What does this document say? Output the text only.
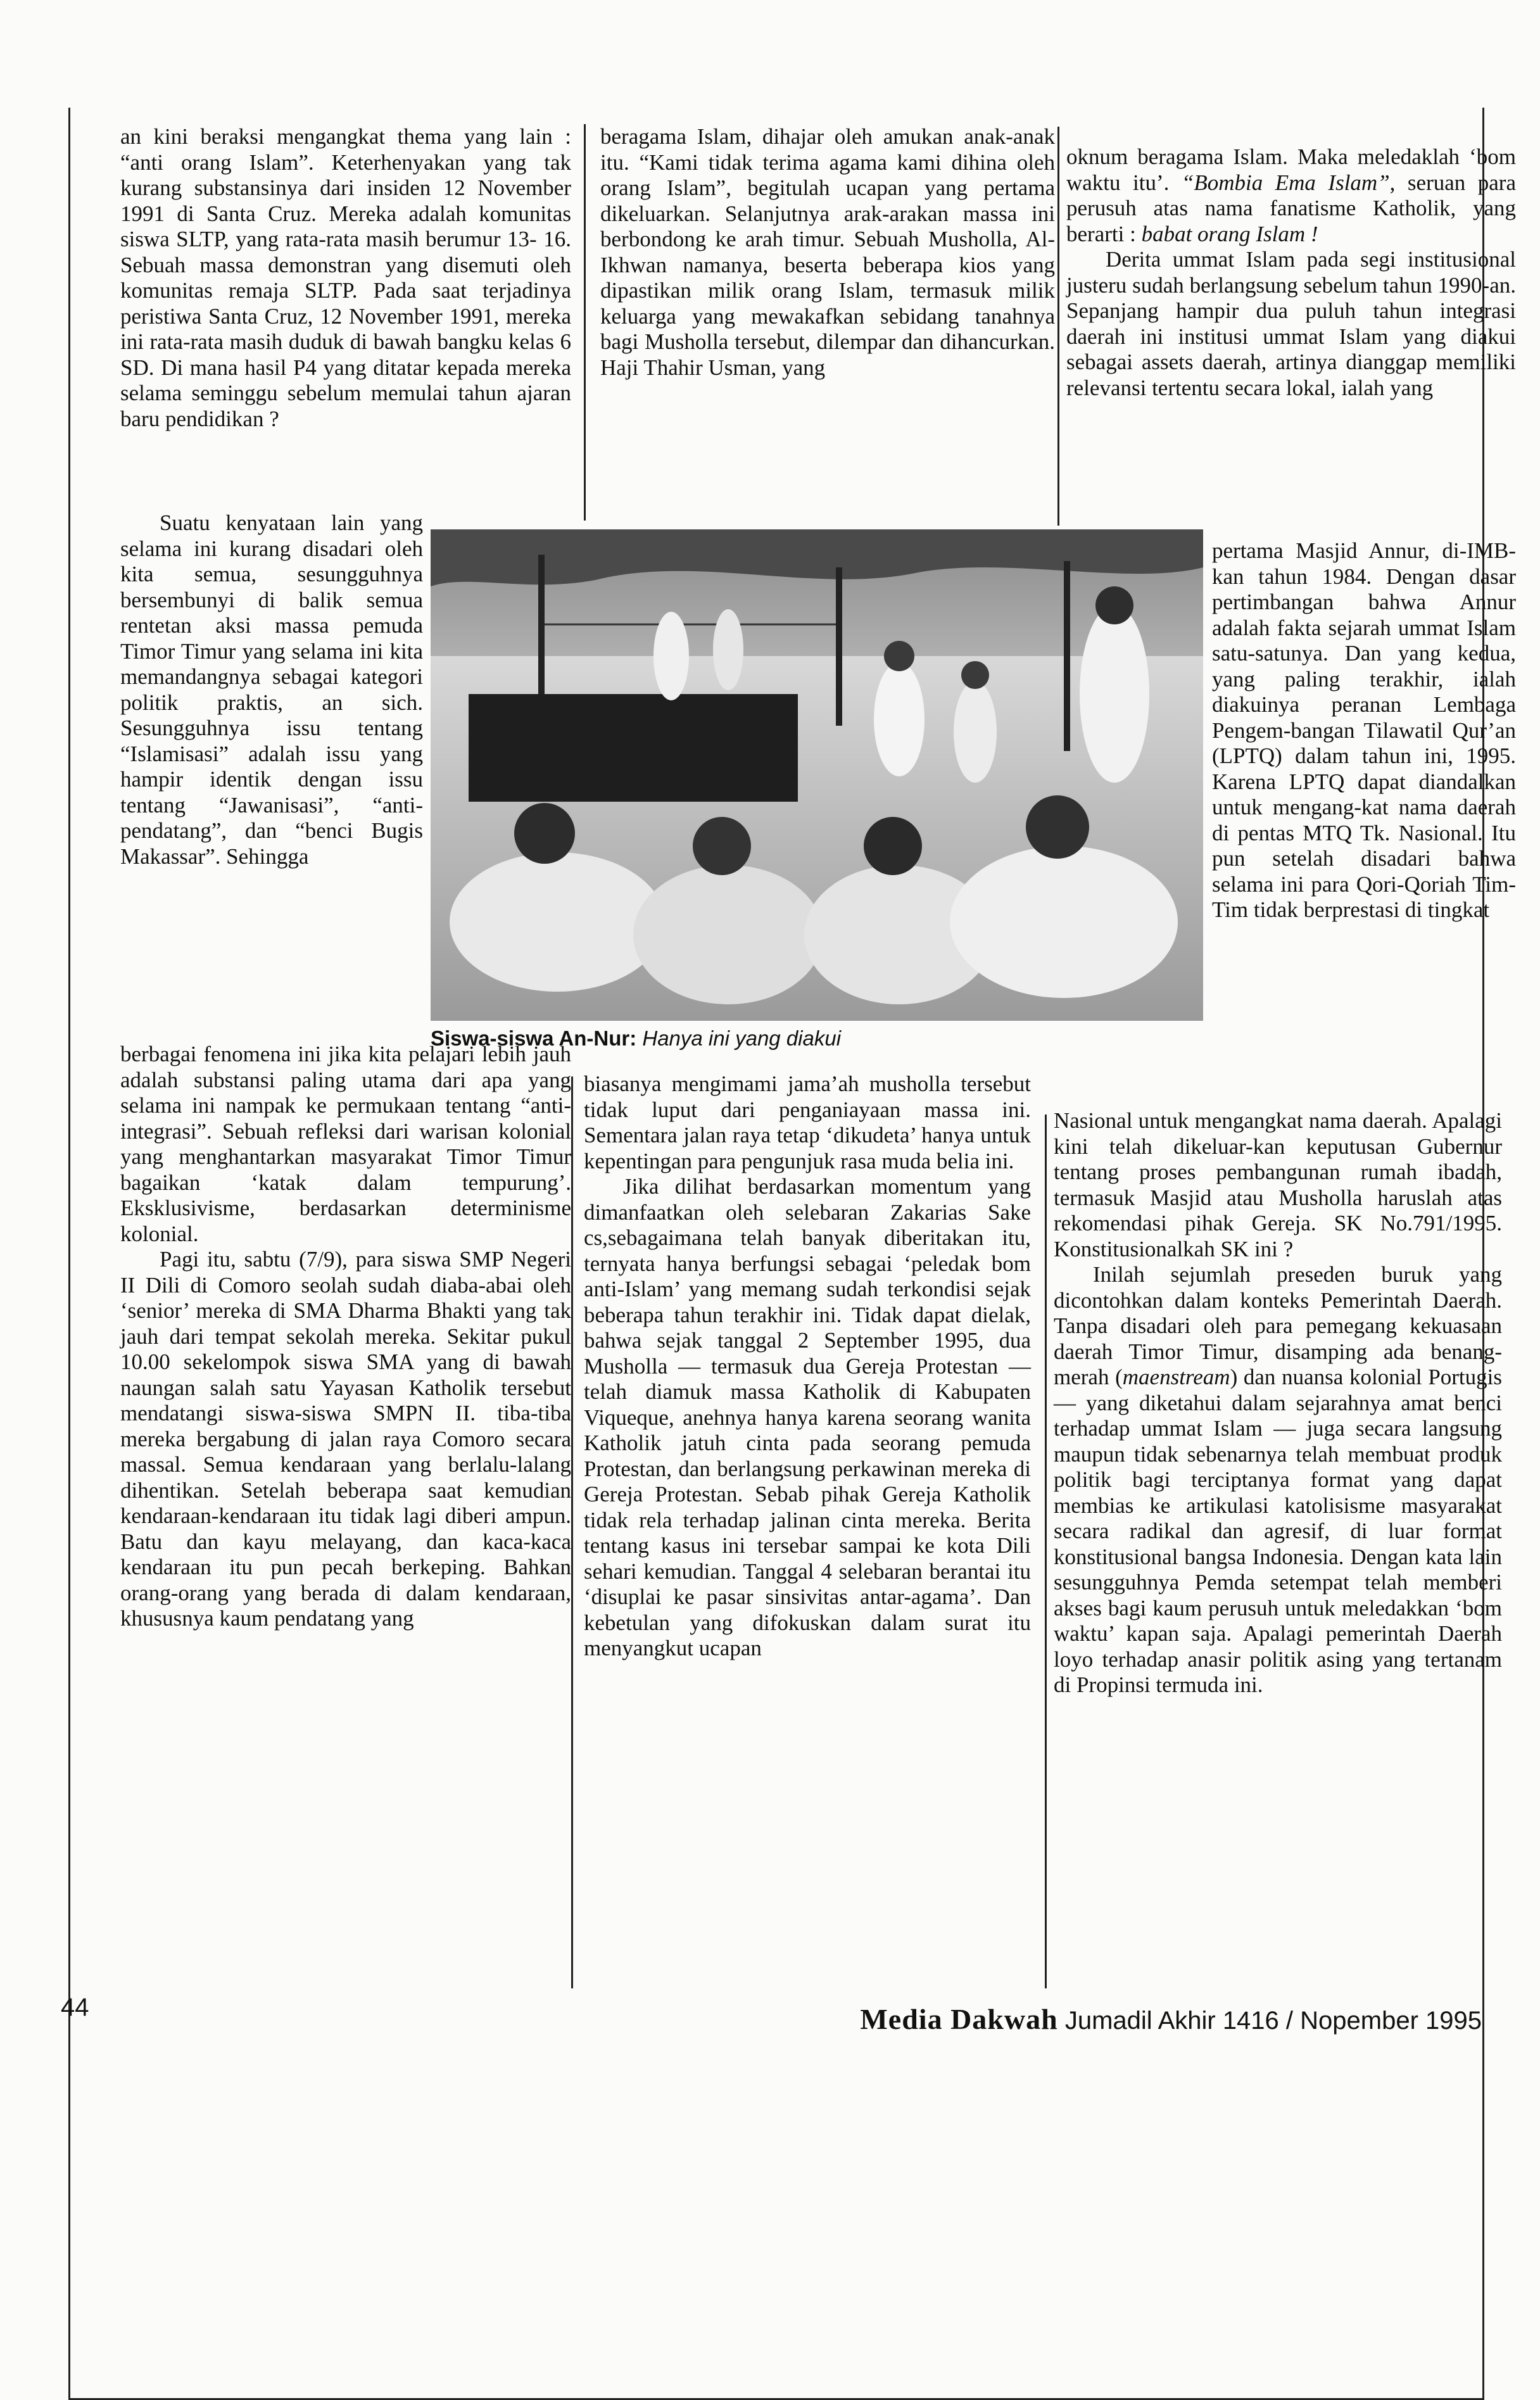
an kini beraksi mengangkat thema yang lain : “anti orang Islam”. Keterhenyakan yang tak kurang substansinya dari insiden 12 November 1991 di Santa Cruz. Mereka adalah komunitas siswa SLTP, yang rata-rata masih berumur 13- 16. Sebuah massa demonstran yang disemuti oleh komunitas remaja SLTP. Pada saat terjadinya peristiwa Santa Cruz, 12 November 1991, mereka ini rata-rata masih duduk di bawah bangku kelas 6 SD. Di mana hasil P4 yang ditatar kepada mereka selama seminggu sebelum memulai tahun ajaran baru pendidikan ?

Suatu kenyataan lain yang selama ini kurang disadari oleh kita semua, sesungguhnya bersembunyi di balik semua rentetan aksi massa pemuda Timor Timur yang selama ini kita memandangnya sebagai kategori politik praktis, an sich. Sesungguhnya issu tentang “Islamisasi” adalah issu yang hampir identik dengan issu tentang “Jawanisasi”, “anti-pendatang”, dan “benci Bugis Makassar”. Sehingga

berbagai fenomena ini jika kita pelajari lebih jauh adalah substansi paling utama dari apa yang selama ini nampak ke permukaan tentang “anti-integrasi”. Sebuah refleksi dari warisan kolonial yang menghantarkan masyarakat Timor Timur bagaikan ‘katak dalam tempurung’. Eksklusivisme, berdasarkan determinisme kolonial.

Pagi itu, sabtu (7/9), para siswa SMP Negeri II Dili di Comoro seolah sudah diaba-abai oleh ‘senior’ mereka di SMA Dharma Bhakti yang tak jauh dari tempat sekolah mereka. Sekitar pukul 10.00 sekelompok siswa SMA yang di bawah naungan salah satu Yayasan Katholik tersebut mendatangi siswa-siswa SMPN II. tiba-tiba mereka bergabung di jalan raya Comoro secara massal. Semua kendaraan yang berlalu-lalang dihentikan. Setelah beberapa saat kemudian kendaraan-kendaraan itu tidak lagi diberi ampun. Batu dan kayu melayang, dan kaca-kaca kendaraan itu pun pecah berkeping. Bahkan orang-orang yang berada di dalam kendaraan, khususnya kaum pendatang yang

beragama Islam, dihajar oleh amukan anak-anak itu. “Kami tidak terima agama kami dihina oleh orang Islam”, begitulah ucapan yang pertama dikeluarkan. Selanjutnya arak-arakan massa ini berbondong ke arah timur. Sebuah Musholla, Al-Ikhwan namanya, beserta beberapa kios yang dipastikan milik orang Islam, termasuk milik keluarga yang mewakafkan sebidang tanahnya bagi Musholla tersebut, dilempar dan dihancurkan. Haji Thahir Usman, yang

biasanya mengimami jama’ah musholla tersebut tidak luput dari penganiayaan massa ini. Sementara jalan raya tetap ‘dikudeta’ hanya untuk kepentingan para pengunjuk rasa muda belia ini.

Jika dilihat berdasarkan momentum yang dimanfaatkan oleh selebaran Zakarias Sake cs,sebagaimana telah banyak diberitakan itu, ternyata hanya berfungsi sebagai ‘peledak bom anti-Islam’ yang memang sudah terkondisi sejak beberapa tahun terakhir ini. Tidak dapat dielak, bahwa sejak tanggal 2 September 1995, dua Musholla — termasuk dua Gereja Protestan — telah diamuk massa Katholik di Kabupaten Viqueque, anehnya hanya karena seorang wanita Katholik jatuh cinta pada seorang pemuda Protestan, dan berlangsung perkawinan mereka di Gereja Protestan. Sebab pihak Gereja Katholik tidak rela terhadap jalinan cinta mereka. Berita tentang kasus ini tersebar sampai ke kota Dili sehari kemudian. Tanggal 4 selebaran berantai itu ‘disuplai ke pasar sinsivitas antar-agama’. Dan kebetulan yang difokuskan dalam surat itu menyangkut ucapan

oknum beragama Islam. Maka meledaklah ‘bom waktu itu’. “Bombia Ema Islam”, seruan para perusuh atas nama fanatisme Katholik, yang berarti : babat orang Islam !

Derita ummat Islam pada segi institusional justeru sudah berlangsung sebelum tahun 1990-an. Sepanjang hampir dua puluh tahun integrasi daerah ini institusi ummat Islam yang diakui sebagai assets daerah, artinya dianggap memiliki relevansi tertentu secara lokal, ialah yang

pertama Masjid Annur, di-IMB-kan tahun 1984. Dengan dasar pertimbangan bahwa Annur adalah fakta sejarah ummat Islam satu-satunya. Dan yang kedua, yang paling terakhir, ialah diakuinya peranan Lembaga Pengem-bangan Tilawatil Qur’an (LPTQ) dalam tahun ini, 1995. Karena LPTQ dapat diandalkan untuk mengang-kat nama daerah di pentas MTQ Tk. Nasional. Itu pun setelah disadari bahwa selama ini para Qori-Qoriah Tim-Tim tidak berprestasi di tingkat

Nasional untuk mengangkat nama daerah. Apalagi kini telah dikeluar-kan keputusan Gubernur tentang proses pembangunan rumah ibadah, termasuk Masjid atau Musholla haruslah atas rekomendasi pihak Gereja. SK No.791/1995. Konstitusionalkah SK ini ?

Inilah sejumlah preseden buruk yang dicontohkan dalam konteks Pemerintah Daerah. Tanpa disadari oleh para pemegang kekuasaan daerah Timor Timur, disamping ada benang-merah (maenstream) dan nuansa kolonial Portugis — yang diketahui dalam sejarahnya amat benci terhadap ummat Islam — juga secara langsung maupun tidak sebenarnya telah membuat produk politik bagi terciptanya format yang dapat membias ke artikulasi katolisisme masyarakat secara radikal dan agresif, di luar format konstitusional bangsa Indonesia. Dengan kata lain sesungguhnya Pemda setempat telah memberi akses bagi kaum perusuh untuk meledakkan ‘bom waktu’ kapan saja. Apalagi pemerintah Daerah loyo terhadap anasir politik asing yang tertanam di Propinsi termuda ini.

Siswa-siswa An-Nur: Hanya ini yang diakui
44	Media Dakwah Jumadil Akhir 1416 / Nopember 1995
